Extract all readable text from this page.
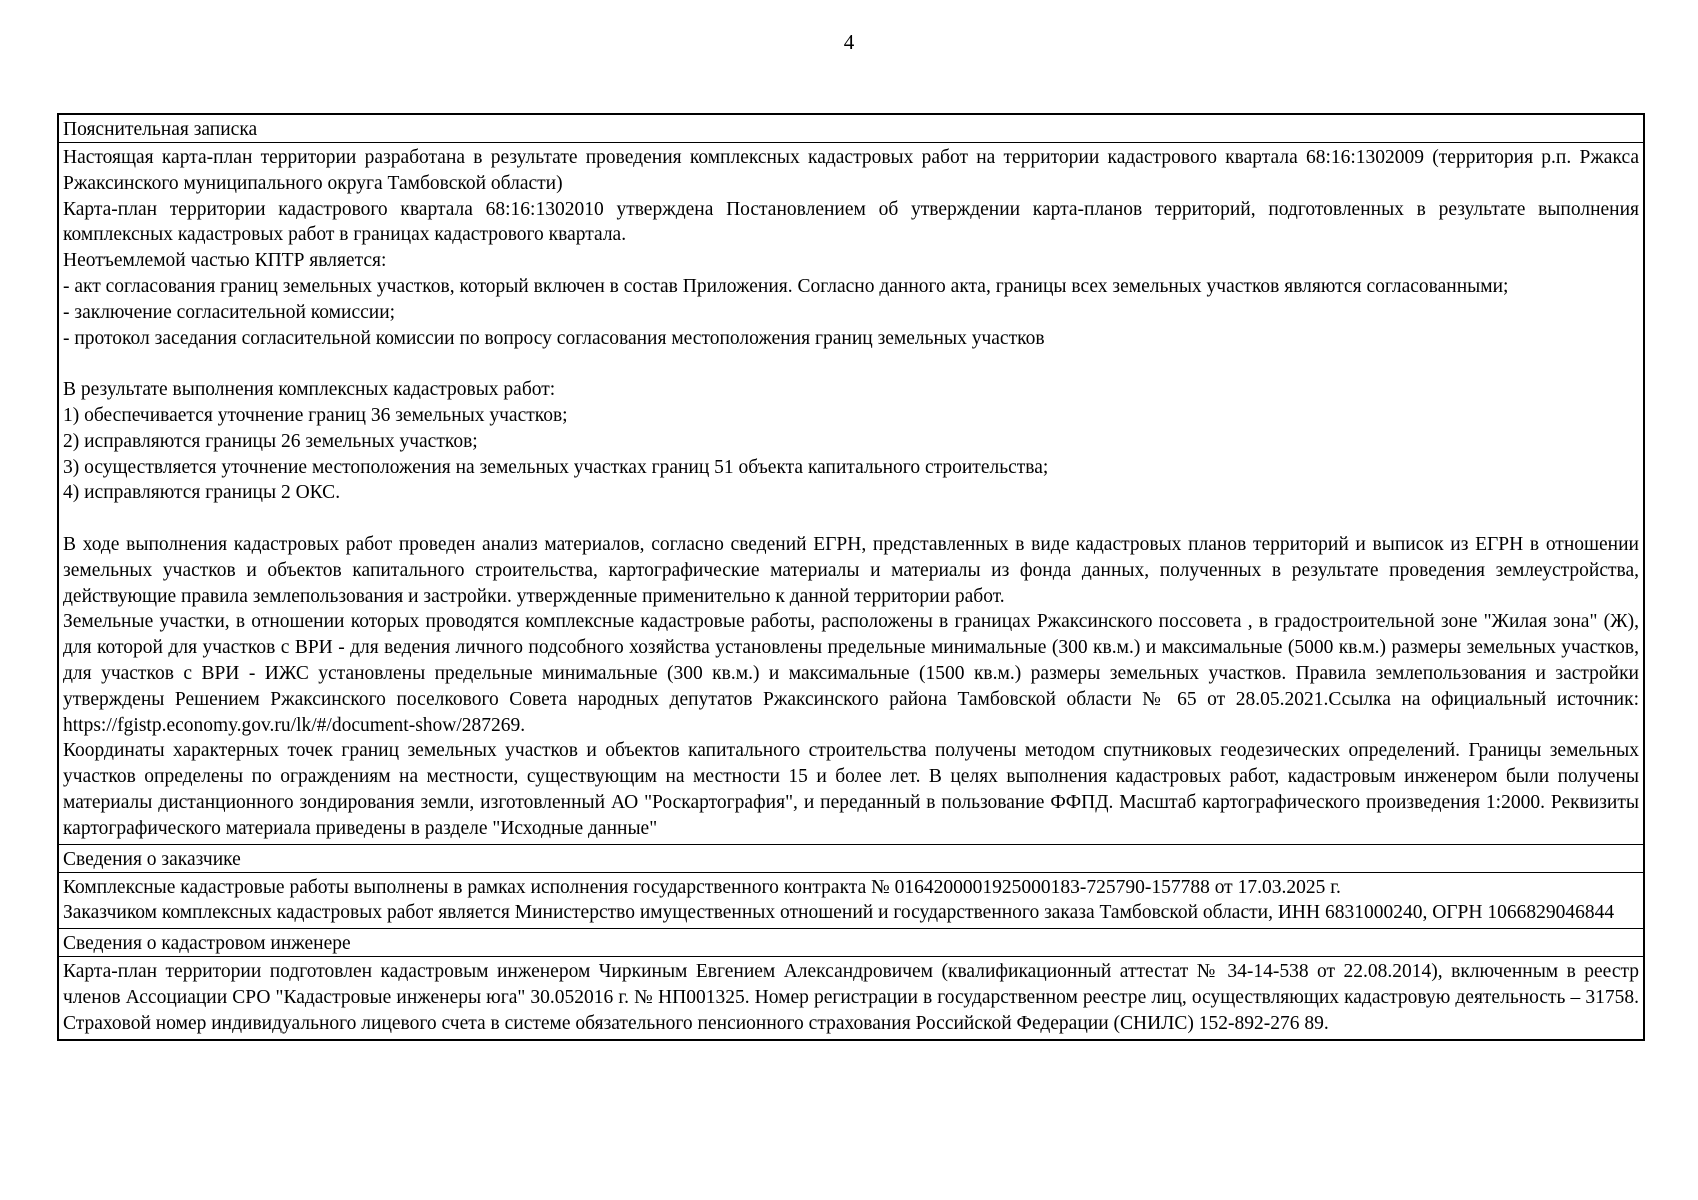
4
Пояснительная записка

Настоящая карта-план территории разработана в результате проведения комплексных кадастровых работ на территории кадастрового квартала 68:16:1302009 (территория р.п. Ржакса Ржаксинского муниципального округа Тамбовской области)

Карта-план территории кадастрового квартала 68:16:1302010 утверждена Постановлением об утверждении карта-планов территорий, подготовленных в результате выполнения комплексных кадастровых работ в границах кадастрового квартала.

Неотъемлемой частью КПТР является:

- акт согласования границ земельных участков, который включен в состав Приложения. Согласно данного акта, границы всех земельных участков являются согласованными;

- заключение согласительной комиссии;

- протокол заседания согласительной комиссии по вопросу согласования местоположения границ земельных участков

В результате выполнения комплексных кадастровых работ:

1) обеспечивается уточнение границ 36 земельных участков;

2) исправляются границы 26 земельных участков;

3) осуществляется уточнение местоположения на земельных участках границ 51 объекта капитального строительства;

4) исправляются границы 2 ОКС.

В ходе выполнения кадастровых работ проведен анализ материалов, согласно сведений ЕГРН, представленных в виде кадастровых планов территорий и выписок из ЕГРН в отношении земельных участков и объектов капитального строительства, картографические материалы и материалы из фонда данных, полученных в результате проведения землеустройства, действующие правила землепользования и застройки. утвержденные применительно к данной территории работ.

Земельные участки, в отношении которых проводятся комплексные кадастровые работы, расположены в границах Ржаксинского поссовета , в градостроительной зоне "Жилая зона" (Ж), для которой для участков с ВРИ - для ведения личного подсобного хозяйства установлены предельные минимальные (300 кв.м.) и максимальные (5000 кв.м.) размеры земельных участков, для участков с ВРИ - ИЖС установлены предельные минимальные (300 кв.м.) и максимальные (1500 кв.м.) размеры земельных участков. Правила землепользования и застройки утверждены Решением Ржаксинского поселкового Совета народных депутатов Ржаксинского района Тамбовской области № 65 от 28.05.2021.Ссылка на официальный источник: https://fgistp.economy.gov.ru/lk/#/document-show/287269.

Координаты характерных точек границ земельных участков и объектов капитального строительства получены методом спутниковых геодезических определений. Границы земельных участков определены по ограждениям на местности, существующим на местности 15 и более лет. В целях выполнения кадастровых работ, кадастровым инженером были получены материалы дистанционного зондирования земли, изготовленный АО "Роскартография", и переданный в пользование ФФПД. Масштаб картографического произведения 1:2000. Реквизиты картографического материала приведены в разделе "Исходные данные"

Сведения о заказчике

Комплексные кадастровые работы выполнены в рамках исполнения государственного контракта № 0164200001925000183-725790-157788 от 17.03.2025 г.

Заказчиком комплексных кадастровых работ является Министерство имущественных отношений и государственного заказа Тамбовской области, ИНН 6831000240, ОГРН 1066829046844

Сведения о кадастровом инженере

Карта-план территории подготовлен кадастровым инженером Чиркиным Евгением Александровичем (квалификационный аттестат № 34-14-538 от 22.08.2014), включенным в реестр членов Ассоциации СРО "Кадастровые инженеры юга" 30.052016 г. № НП001325. Номер регистрации в государственном реестре лиц, осуществляющих кадастровую деятельность – 31758. Страховой номер индивидуального лицевого счета в системе обязательного пенсионного страхования Российской Федерации (СНИЛС) 152-892-276 89.
